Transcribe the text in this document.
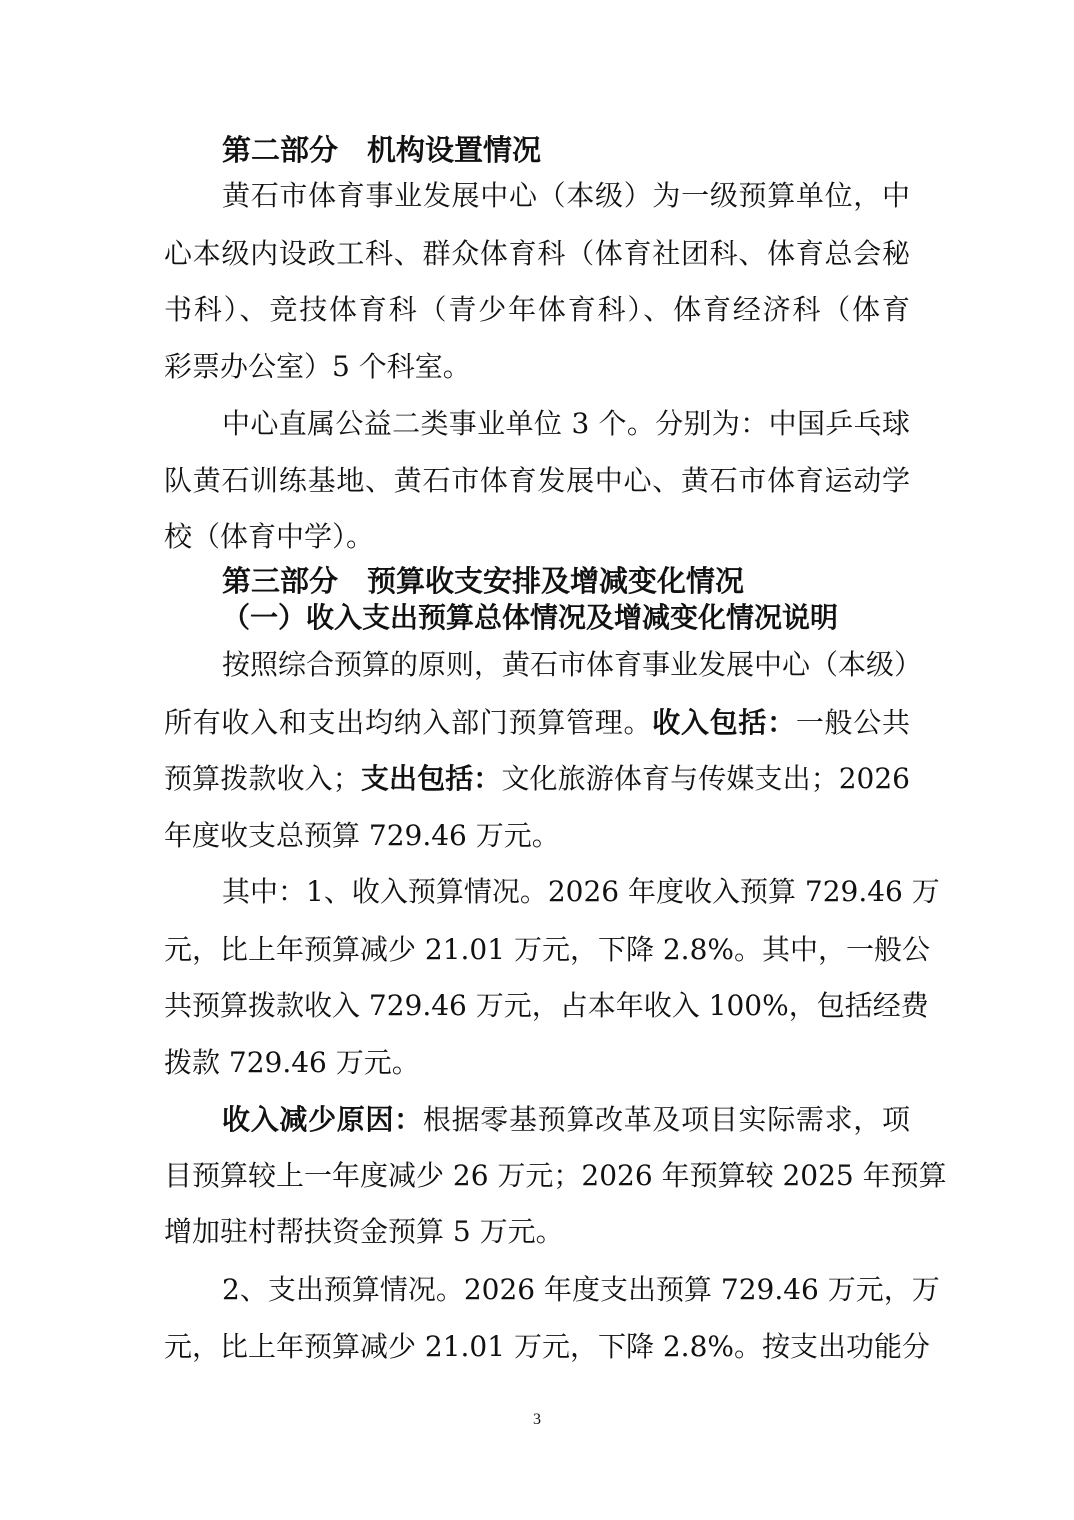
第二部分　机构设置情况
黄石市体育事业发展中心（本级）为一级预算单位，中
心本级内设政工科、群众体育科（体育社团科、体育总会秘
书科）、竞技体育科（青少年体育科）、体育经济科（体育
彩票办公室）5 个科室。
中心直属公益二类事业单位 3 个。分别为：中国乒乓球
队黄石训练基地、黄石市体育发展中心、黄石市体育运动学
校（体育中学）。
第三部分　预算收支安排及增减变化情况
（一）收入支出预算总体情况及增减变化情况说明
按照综合预算的原则，黄石市体育事业发展中心（本级）
所有收入和支出均纳入部门预算管理。收入包括：一般公共
预算拨款收入；支出包括：文化旅游体育与传媒支出；2026
年度收支总预算 729.46 万元。
其中：1、收入预算情况。2026 年度收入预算 729.46 万
元，比上年预算减少 21.01 万元，下降 2.8%。其中，一般公
共预算拨款收入 729.46 万元，占本年收入 100%，包括经费
拨款 729.46 万元。
收入减少原因：根据零基预算改革及项目实际需求，项
目预算较上一年度减少 26 万元；2026 年预算较 2025 年预算
增加驻村帮扶资金预算 5 万元。
2、支出预算情况。2026 年度支出预算 729.46 万元，万
元，比上年预算减少 21.01 万元，下降 2.8%。按支出功能分
3
